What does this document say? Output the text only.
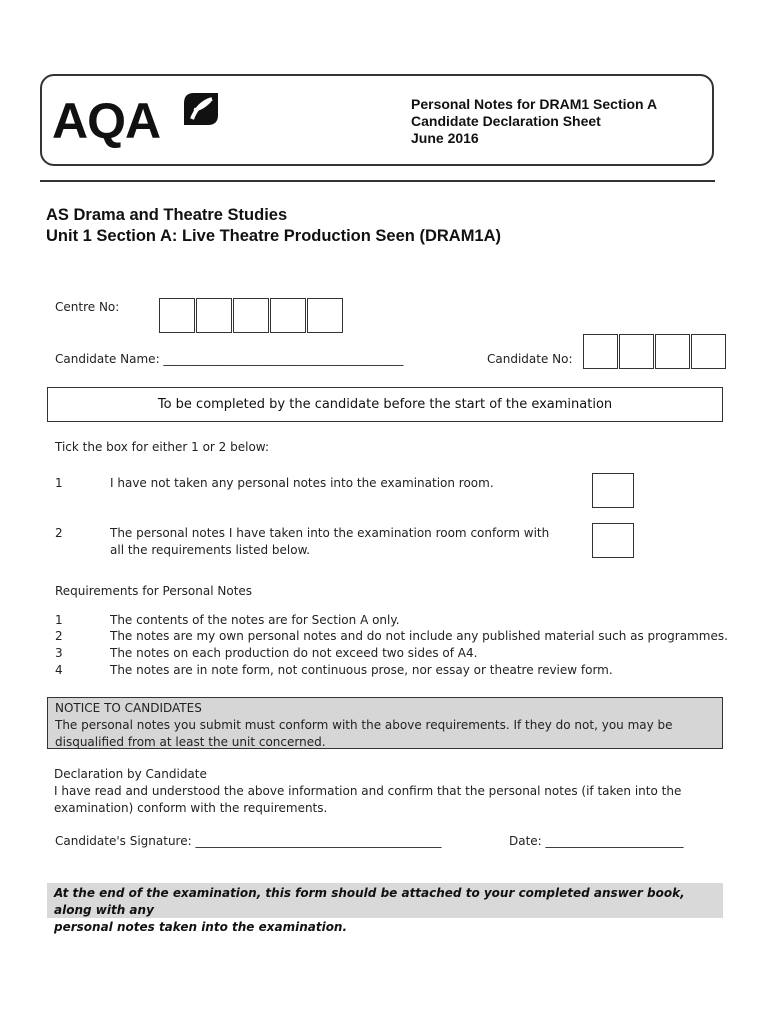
AQA	Personal Notes for DRAM1 Section A
Candidate Declaration Sheet
June 2016
AS Drama and Theatre Studies
Unit 1 Section A: Live Theatre Production Seen (DRAM1A)
Centre No:
Candidate Name: ________________________________________	Candidate No:
To be completed by the candidate before the start of the examination
Tick the box for either 1 or 2 below:
1	I have not taken any personal notes into the examination room.
2	The personal notes I have taken into the examination room conform with
all the requirements listed below.
Requirements for Personal Notes
1	The contents of the notes are for Section A only.
2	The notes are my own personal notes and do not include any published material such as programmes.
3	The notes on each production do not exceed two sides of A4.
4	The notes are in note form, not continuous prose, nor essay or theatre review form.
NOTICE TO CANDIDATES
The personal notes you submit must conform with the above requirements. If they do not, you may be
disqualified from at least the unit concerned.
Declaration by Candidate
I have read and understood the above information and confirm that the personal notes (if taken into the
examination) conform with the requirements.
Candidate's Signature: _________________________________________	Date: _______________________
At the end of the examination, this form should be attached to your completed answer book, along with any
personal notes taken into the examination.
